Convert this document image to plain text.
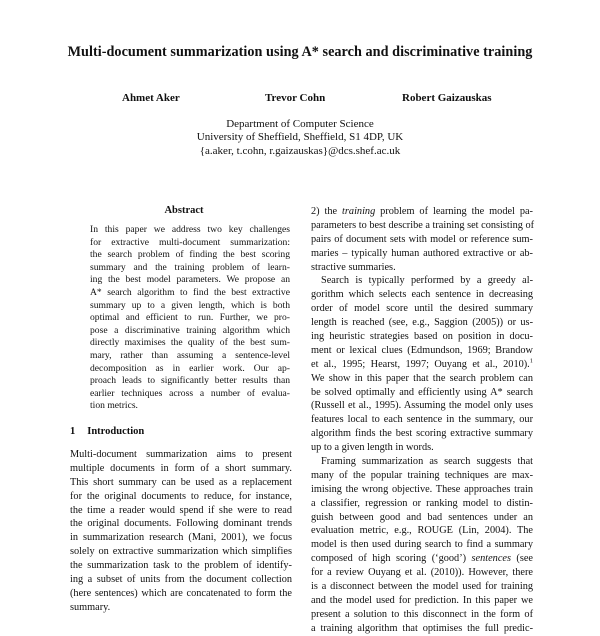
Multi-document summarization using A* search and discriminative training
Ahmet Aker	Trevor Cohn	Robert Gaizauskas
Department of Computer Science
University of Sheffield, Sheffield, S1 4DP, UK
{a.aker, t.cohn, r.gaizauskas}@dcs.shef.ac.uk
Abstract
In this paper we address two key challenges
for extractive multi-document summarization:
the search problem of finding the best scoring
summary and the training problem of learn-
ing the best model parameters. We propose an
A* search algorithm to find the best extractive
summary up to a given length, which is both
optimal and efficient to run. Further, we pro-
pose a discriminative training algorithm which
directly maximises the quality of the best sum-
mary, rather than assuming a sentence-level
decomposition as in earlier work. Our ap-
proach leads to significantly better results than
earlier techniques across a number of evalua-
tion metrics.
1 Introduction
Multi-document summarization aims to present
multiple documents in form of a short summary.
This short summary can be used as a replacement
for the original documents to reduce, for instance,
the time a reader would spend if she were to read
the original documents. Following dominant trends
in summarization research (Mani, 2001), we focus
solely on extractive summarization which simplifies
the summarization task to the problem of identify-
ing a subset of units from the document collection
(here sentences) which are concatenated to form the
summary.
2) the training problem of learning the model pa-
parameters to best describe a training set consisting of
pairs of document sets with model or reference sum-
maries – typically human authored extractive or ab-
stractive summaries.
Search is typically performed by a greedy al-
gorithm which selects each sentence in decreasing
order of model score until the desired summary
length is reached (see, e.g., Saggion (2005)) or us-
ing heuristic strategies based on position in docu-
ment or lexical clues (Edmundson, 1969; Brandow
et al., 1995; Hearst, 1997; Ouyang et al., 2010).$^1$
We show in this paper that the search problem can
be solved optimally and efficiently using A* search
(Russell et al., 1995). Assuming the model only uses
features local to each sentence in the summary, our
algorithm finds the best scoring extractive summary
up to a given length in words.
Framing summarization as search suggests that
many of the popular training techniques are max-
imising the wrong objective. These approaches train
a classifier, regression or ranking model to distin-
guish between good and bad sentences under an
evaluation metric, e.g., ROUGE (Lin, 2004). The
model is then used during search to find a summary
composed of high scoring (‘good’) sentences (see
for a review Ouyang et al. (2010)). However, there
is a disconnect between the model used for training
and the model used for prediction. In this paper we
present a solution to this disconnect in the form of
a training algorithm that optimises the full predic-
